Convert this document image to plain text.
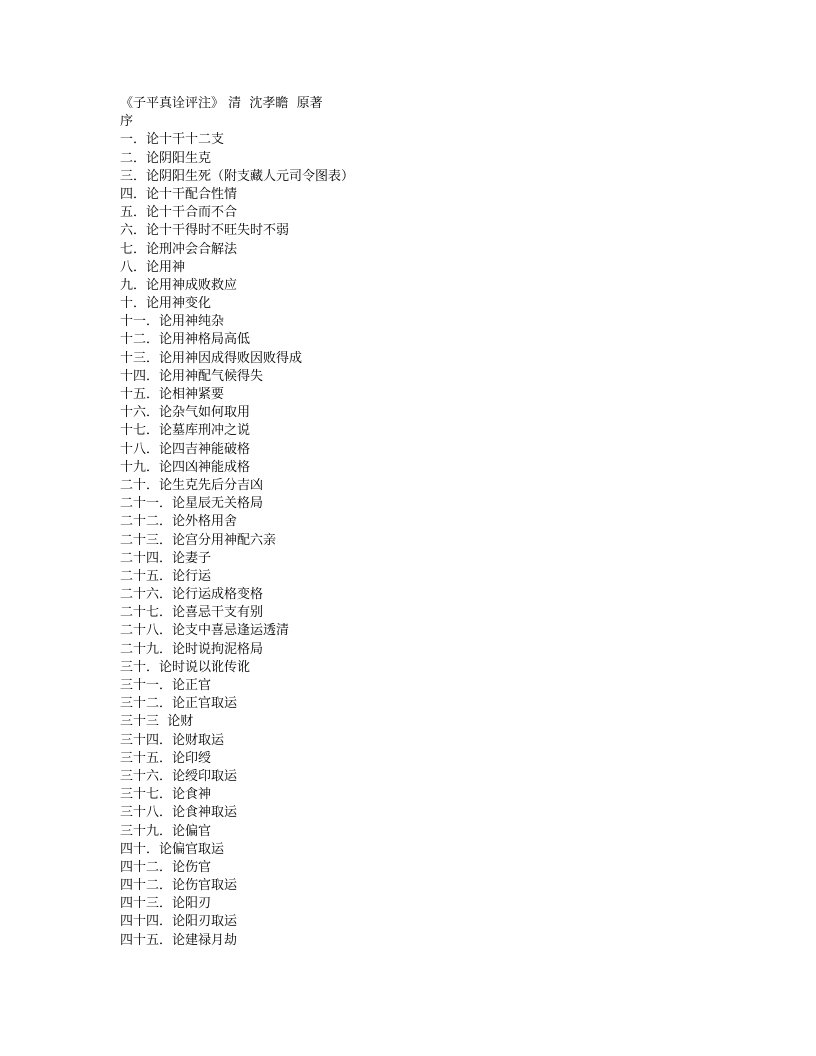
《子平真诠评注》 清  沈孝瞻  原著
序
一．论十干十二支
二．论阴阳生克
三．论阴阳生死（附支藏人元司令图表）
四．论十干配合性情
五．论十干合而不合
六．论十干得时不旺失时不弱
七．论刑冲会合解法
八．论用神
九．论用神成败救应
十．论用神变化
十一．论用神纯杂
十二．论用神格局高低
十三．论用神因成得败因败得成
十四．论用神配气候得失
十五．论相神紧要
十六．论杂气如何取用
十七．论墓库刑冲之说
十八．论四吉神能破格
十九．论四凶神能成格
二十．论生克先后分吉凶
二十一．论星辰无关格局
二十二．论外格用舍
二十三．论宫分用神配六亲
二十四．论妻子
二十五．论行运
二十六．论行运成格变格
二十七．论喜忌干支有别
二十八．论支中喜忌逢运透清
二十九．论时说拘泥格局
三十．论时说以讹传讹
三十一．论正官
三十二．论正官取运
三十三  论财
三十四．论财取运
三十五．论印绶
三十六．论绶印取运
三十七．论食神
三十八．论食神取运
三十九．论偏官
四十．论偏官取运
四十二．论伤官
四十二．论伤官取运
四十三．论阳刃
四十四．论阳刃取运
四十五．论建禄月劫
